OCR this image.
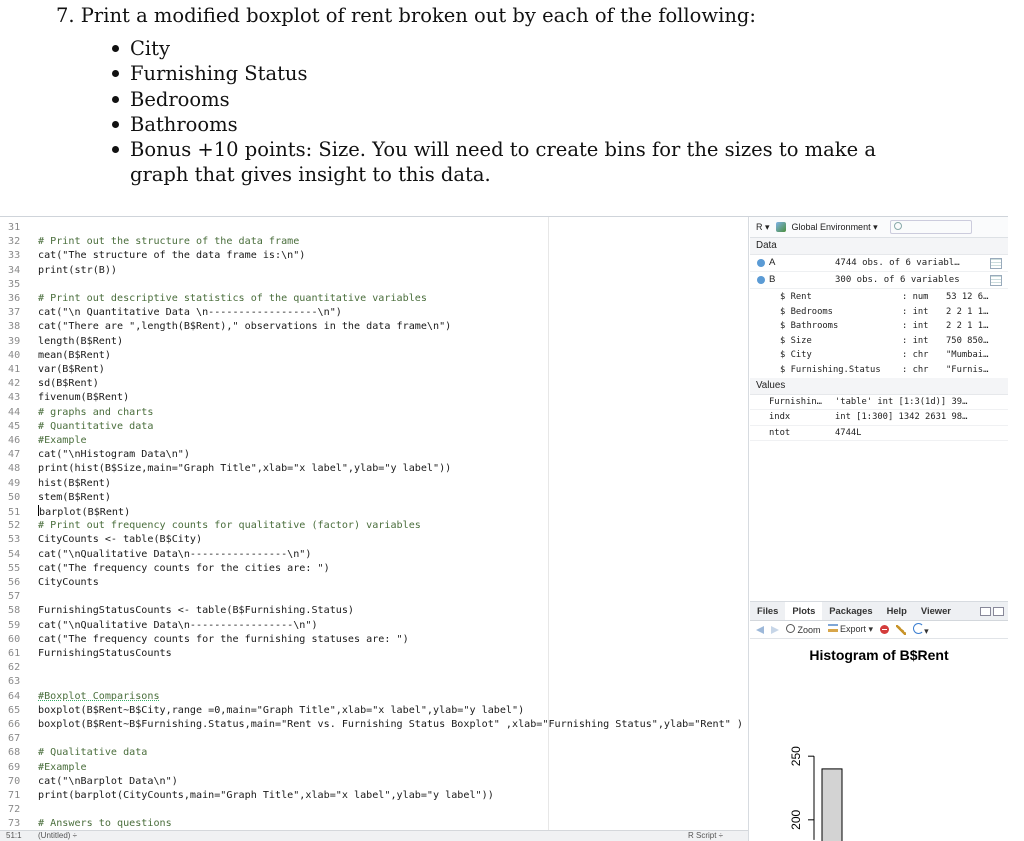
7. Print a modified boxplot of rent broken out by each of the following:
City
Furnishing Status
Bedrooms
Bathrooms
Bonus +10 points: Size. You will need to create bins for the sizes to make a graph that gives insight to this data.
31
32 # Print out the structure of the data frame
33 cat("The structure of the data frame is:\n")
34 print(str(B))
35
36 # Print out descriptive statistics of the quantitative variables
37 cat("\n Quantitative Data \n------------------\n")
38 cat("There are ",length(B$Rent)," observations in the data frame\n")
39 length(B$Rent)
40 mean(B$Rent)
41 var(B$Rent)
42 sd(B$Rent)
43 fivenum(B$Rent)
44 # graphs and charts
45 # Quantitative data
46 #Example
47 cat("\nHistogram Data\n")
48 print(hist(B$Size,main="Graph Title",xlab="x label",ylab="y label"))
49 hist(B$Rent)
50 stem(B$Rent)
51 barplot(B$Rent)
52 # Print out frequency counts for qualitative (factor) variables
53 CityCounts <- table(B$City)
54 cat("\nQualitative Data\n----------------\n")
55 cat("The frequency counts for the cities are: ")
56 CityCounts
57
58 FurnishingStatusCounts <- table(B$Furnishing.Status)
59 cat("\nQualitative Data\n-----------------\n")
60 cat("The frequency counts for the furnishing statuses are: ")
61 FurnishingStatusCounts
62
63
64 #Boxplot Comparisons
65 boxplot(B$Rent~B$City,range =0,main="Graph Title",xlab="x label",ylab="y label")
66 boxplot(B$Rent~B$Furnishing.Status,main="Rent vs. Furnishing Status Boxplot" ,xlab="Furnishing Status",ylab="Rent" )
67
68 # Qualitative data
69 #Example
70 cat("\nBarplot Data\n")
71 print(barplot(CityCounts,main="Graph Title",xlab="x label",ylab="y label"))
72
73 # Answers to questions
51:1 (Untitled) ÷	R Script ÷
R ▾ Global Environment ▾
Data
A	4744 obs. of 6 variabl…
B	300 obs. of 6 variables
$ Rent	: num 53 12 6…
$ Bedrooms	: int 2 2 1 1…
$ Bathrooms	: int 2 2 1 1…
$ Size	: int 750 850…
$ City	: chr "Mumbai…
$ Furnishing.Status : chr "Furnis…
Values
Furnishin… 'table' int [1:3(1d)] 39…
indx	int [1:300] 1342 2631 98…
ntot	4744L
Files	Plots	Packages	Help	Viewer
Zoom	Export ▾	▾
Histogram of B$Rent
200
250
